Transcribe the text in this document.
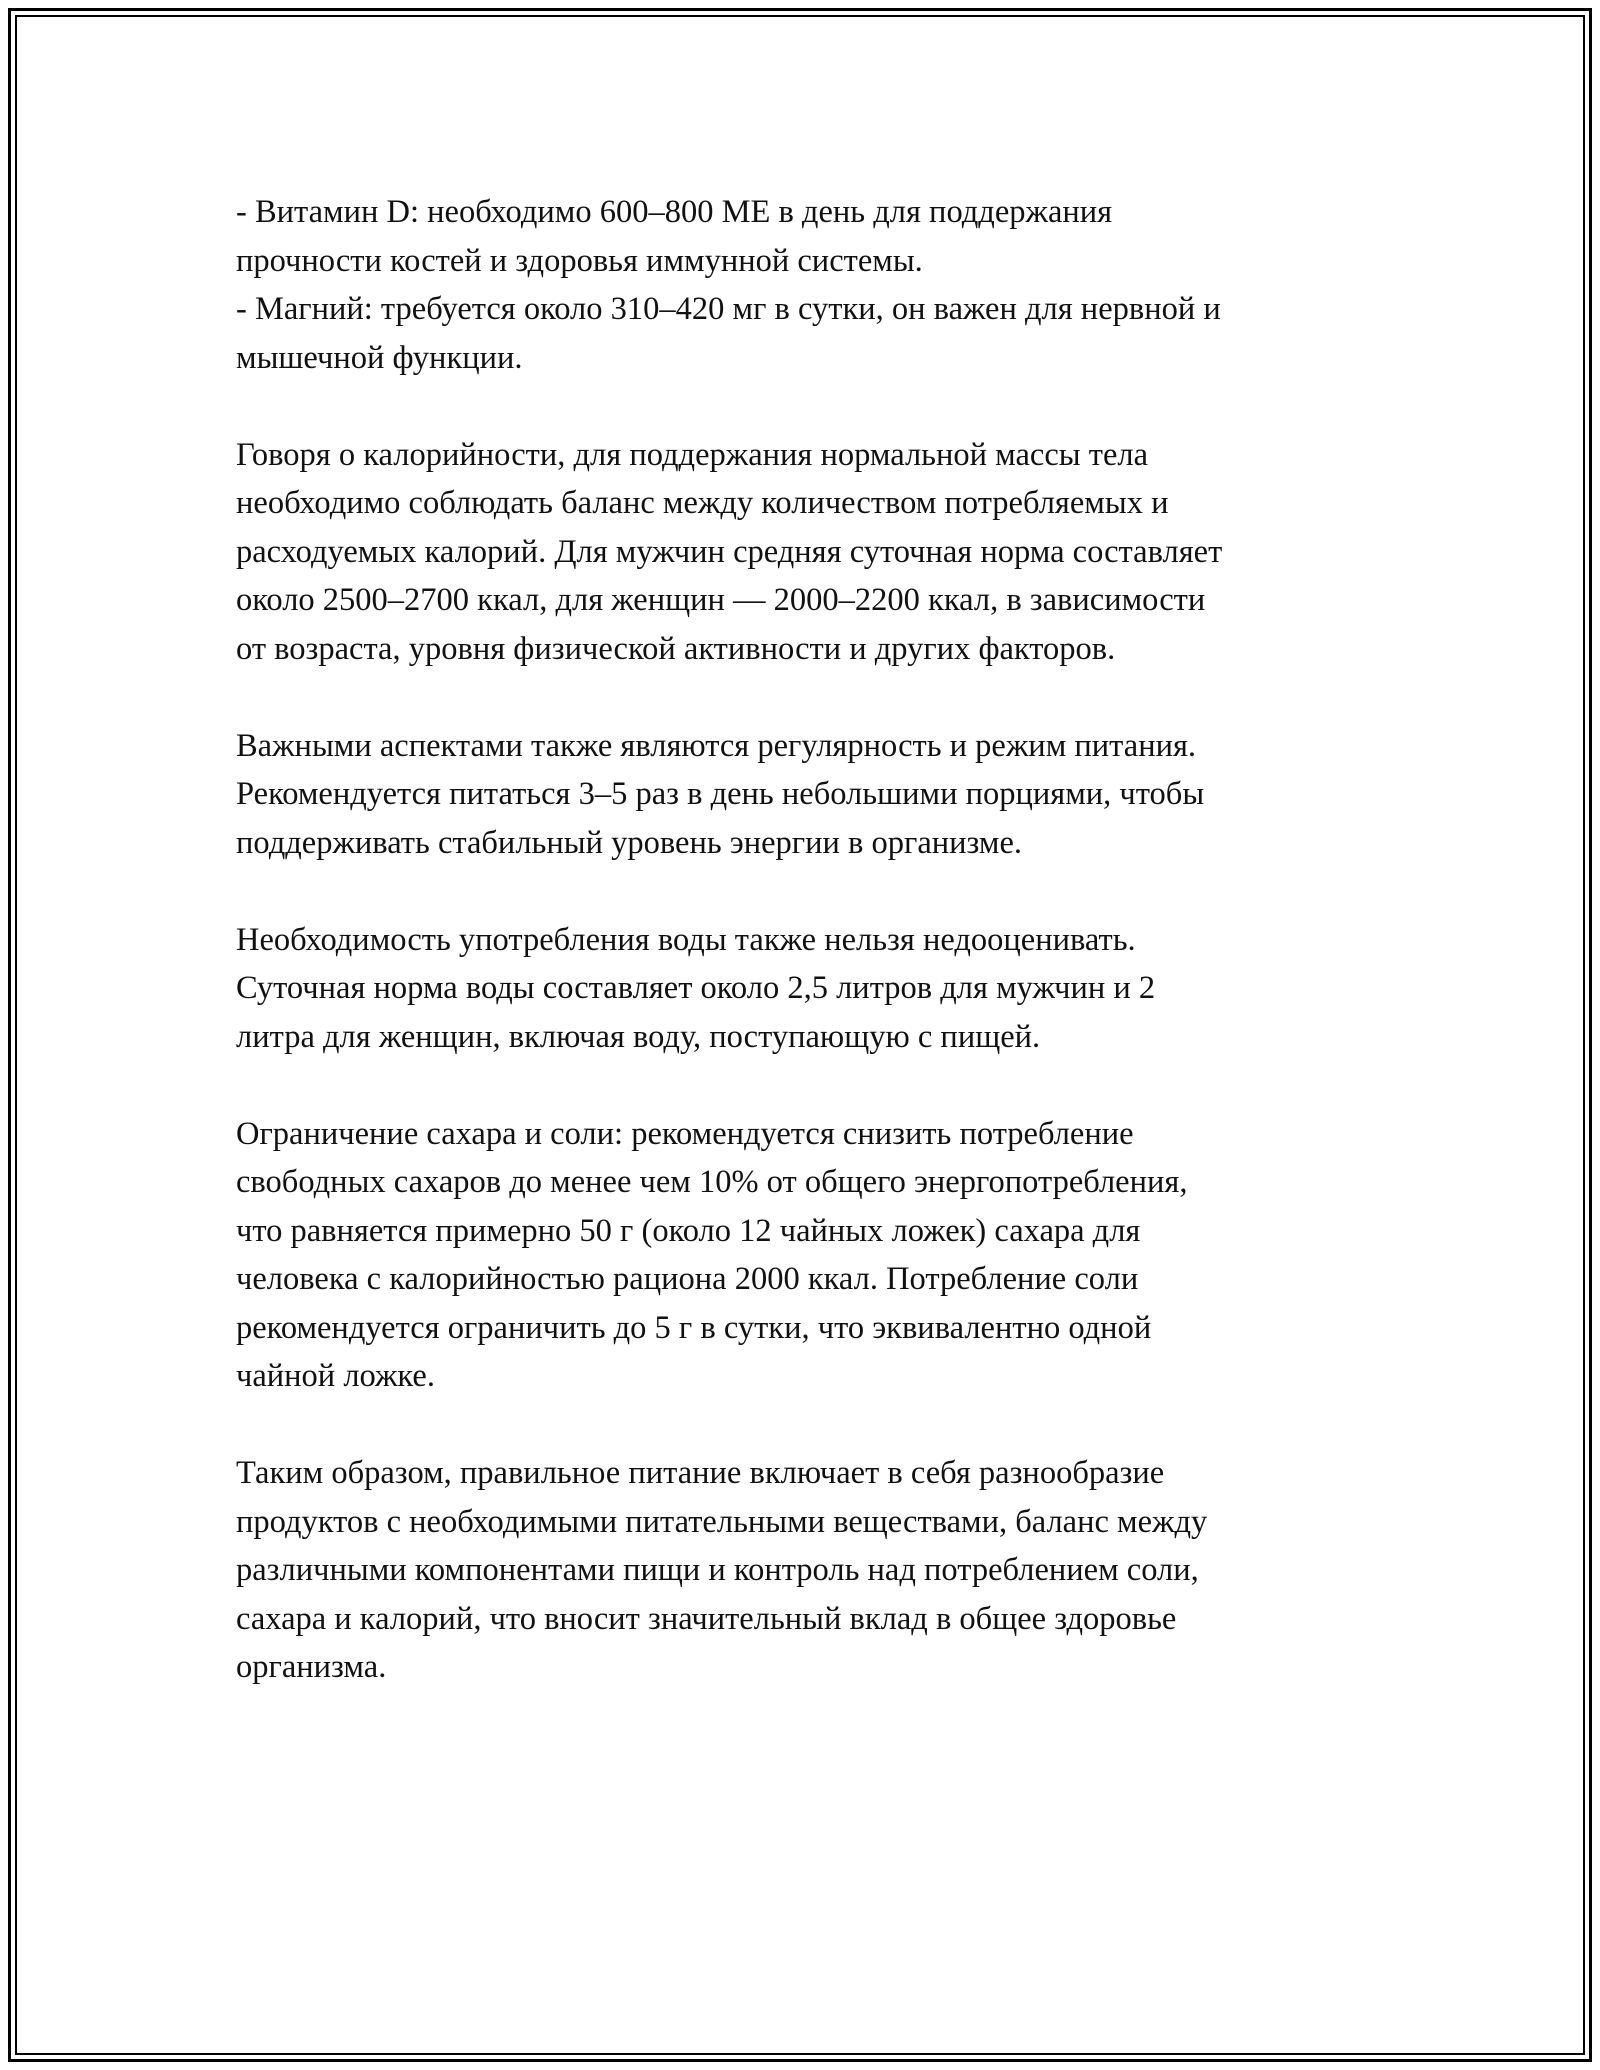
- Витамин D: необходимо 600–800 МЕ в день для поддержания
прочности костей и здоровья иммунной системы.
- Магний: требуется около 310–420 мг в сутки, он важен для нервной и
мышечной функции.

Говоря о калорийности, для поддержания нормальной массы тела
необходимо соблюдать баланс между количеством потребляемых и
расходуемых калорий. Для мужчин средняя суточная норма составляет
около 2500–2700 ккал, для женщин — 2000–2200 ккал, в зависимости
от возраста, уровня физической активности и других факторов.

Важными аспектами также являются регулярность и режим питания.
Рекомендуется питаться 3–5 раз в день небольшими порциями, чтобы
поддерживать стабильный уровень энергии в организме.

Необходимость употребления воды также нельзя недооценивать.
Суточная норма воды составляет около 2,5 литров для мужчин и 2
литра для женщин, включая воду, поступающую с пищей.

Ограничение сахара и соли: рекомендуется снизить потребление
свободных сахаров до менее чем 10% от общего энергопотребления,
что равняется примерно 50 г (около 12 чайных ложек) сахара для
человека с калорийностью рациона 2000 ккал. Потребление соли
рекомендуется ограничить до 5 г в сутки, что эквивалентно одной
чайной ложке.

Таким образом, правильное питание включает в себя разнообразие
продуктов с необходимыми питательными веществами, баланс между
различными компонентами пищи и контроль над потреблением соли,
сахара и калорий, что вносит значительный вклад в общее здоровье
организма.
